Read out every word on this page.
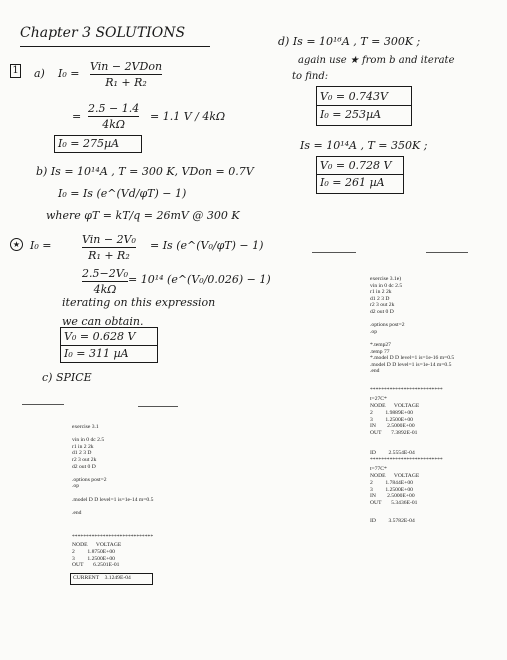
Chapter 3 SOLUTIONS
1 a) I₀ =
Vin − 2VDon
R₁ + R₂
=
2.5 − 1.4
4kΩ
= 1.1 V / 4kΩ
I₀ = 275µA
b) Is = 10¹⁴A , T = 300 K, VDon = 0.7V
I₀ = Is (e^(Vd/φT) − 1)
where φT = kT/q = 26mV @ 300 K
★ I₀ =	Vin − 2V₀
R₁ + R₂
= Is (e^(V₀/φT) − 1)
2.5−2V₀
4kΩ
= 10¹⁴ (e^(V₀/0.026) − 1)
iterating on this expression
we can obtain.
V₀ = 0.628 V
I₀ = 311 µA
c) SPICE
exercise 3.1

vin in 0 dc 2.5
r1 in 2 2k
d1 2 3 D
r2 3 out 2k
d2 out 0 D

.options post=2
.op

.model D D level=1 is=1e-14 m=0.5

.end
*****************************
NODE      VOLTAGE
2         1.8750E+00
3         1.2500E+00
OUT       6.2501E-01
CURRENT    3.1249E-04
d) Is = 10¹⁶A , T = 300K ;
again use ★ from b and iterate
to find:
V₀ = 0.743V
I₀ = 253µA
Is = 10¹⁴A , T = 350K ;
V₀ = 0.728 V
I₀ = 261 µA
exercise 3.1e)
vin in 0 dc 2.5
r1 in 2 2k
d1 2 3 D
r2 3 out 2k
d2 out 0 D

.options post=2
.op

*.temp27
.temp 77
*.model D D level=1 is=1e-16 m=0.5
.model D D level=1 is=1e-14 m=0.5
.end
**************************
t=27C*
NODE      VOLTAGE
2         1.9889E+00
3         1.2500E+00
IN        2.5000E+00
OUT       7.3892E-01
ID         2.5554E-04
**************************
t=77C*
NODE      VOLTAGE
2         1.7844E+00
3         1.2500E+00
IN        2.5000E+00
OUT       5.3436E-01
ID         3.5782E-04
